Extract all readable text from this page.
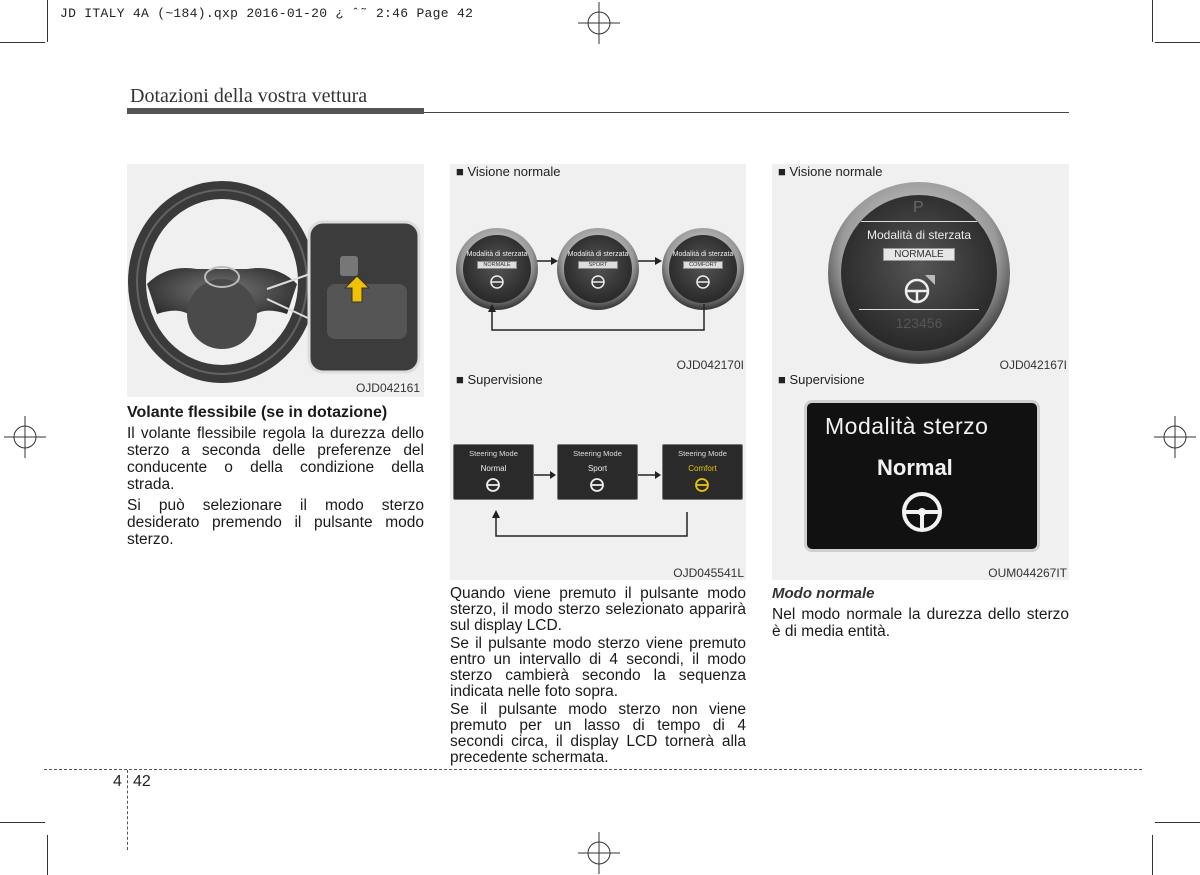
JD ITALY 4A (~184).qxp 2016-01-20 ¿ ˆ˜ 2:46 Page 42
Dotazioni della vostra vettura
OJD042161
■ Visione normale
Modalità di sterzata
NORMALE
Modalità di sterzata
SPORT
Modalità di sterzata
COMFORT
OJD042170I
■ Visione normale
P
Modalità di sterzata
NORMALE
123456
OJD042167I
■ Supervisione
Steering Mode
Normal
Steering Mode
Sport
Steering Mode
Comfort
OJD045541L
■ Supervisione
Modalità sterzo
Normal
OUM044267IT

Volante flessibile (se in dotazione)

Il volante flessibile regola la durezza dello sterzo a seconda delle preferenze del conducente o della condizione della strada.

Si può selezionare il modo sterzo desiderato premendo il pulsante modo sterzo.

Quando viene premuto il pulsante modo sterzo, il modo sterzo selezionato apparirà sul display LCD.

Se il pulsante modo sterzo viene premuto entro un intervallo di 4 secondi, il modo sterzo cambierà secondo la sequenza indicata nelle foto sopra.

Se il pulsante modo sterzo non viene premuto per un lasso di tempo di 4 secondi circa, il display LCD tornerà alla precedente schermata.

Modo normale

Nel modo normale la durezza dello sterzo è di media entità.

4 42
